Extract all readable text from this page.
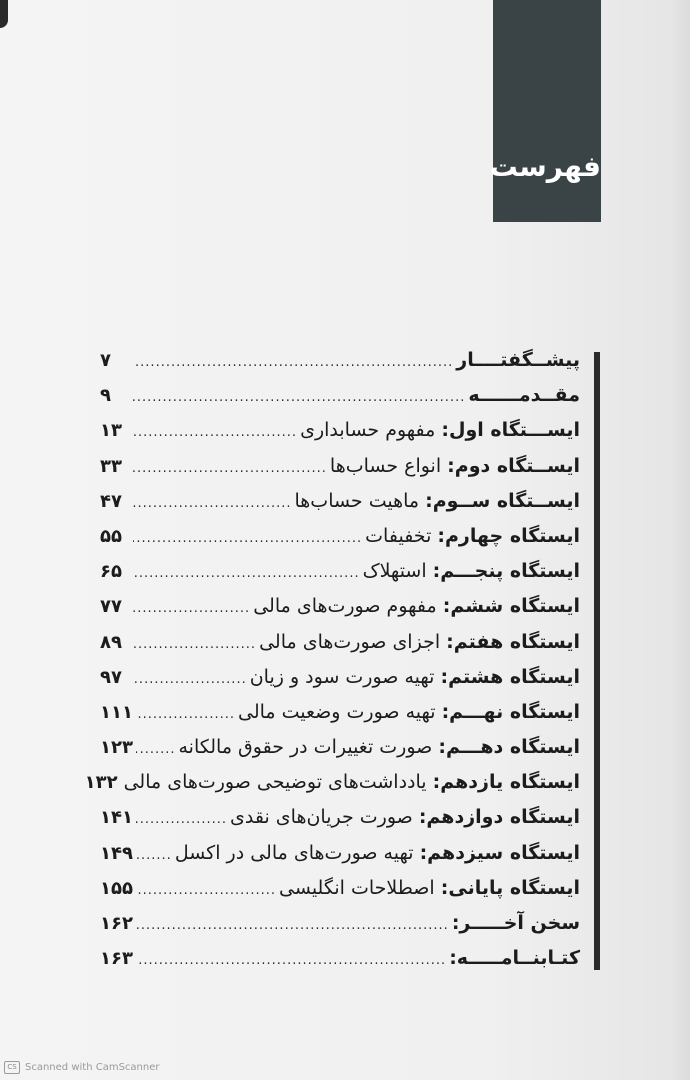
فهرست
پیشــگفتــــار
.....
۷
مقــدمــــــه
.....
۹
ایســـتگاه اول: مفهوم حسابداری
.....
۱۳
ایســتگاه دوم: انواع حساب‌ها
.....
۳۳
ایســتگاه ســوم: ماهیت حساب‌ها
.....
۴۷
ایستگاه چهارم: تخفیفات
.....
۵۵
ایستگاه پنجـــم: استهلاک
.....
۶۵
ایستگاه ششم: مفهوم صورت‌های مالی
.....
۷۷
ایستگاه هفتم: اجزای صورت‌های مالی
.....
۸۹
ایستگاه هشتم: تهیه صورت سود و زیان
.....
۹۷
ایستگاه نهـــم: تهیه صورت وضعیت مالی
.....
۱۱۱
ایستگاه دهـــم: صورت تغییرات در حقوق مالکانه
.....
۱۲۳
ایستگاه یازدهم: یادداشت‌های توضیحی صورت‌های مالی
۱۳۲
ایستگاه دوازدهم: صورت جریان‌های نقدی
.....
۱۴۱
ایستگاه سیزدهم: تهیه صورت‌های مالی در اکسل
.....
۱۴۹
ایستگاه پایانی: اصطلاحات انگلیسی
.....
۱۵۵
سخن آخـــــر:
.....
۱۶۲
کتـابنــامـــــه:
.....
۱۶۳
CS Scanned with CamScanner
